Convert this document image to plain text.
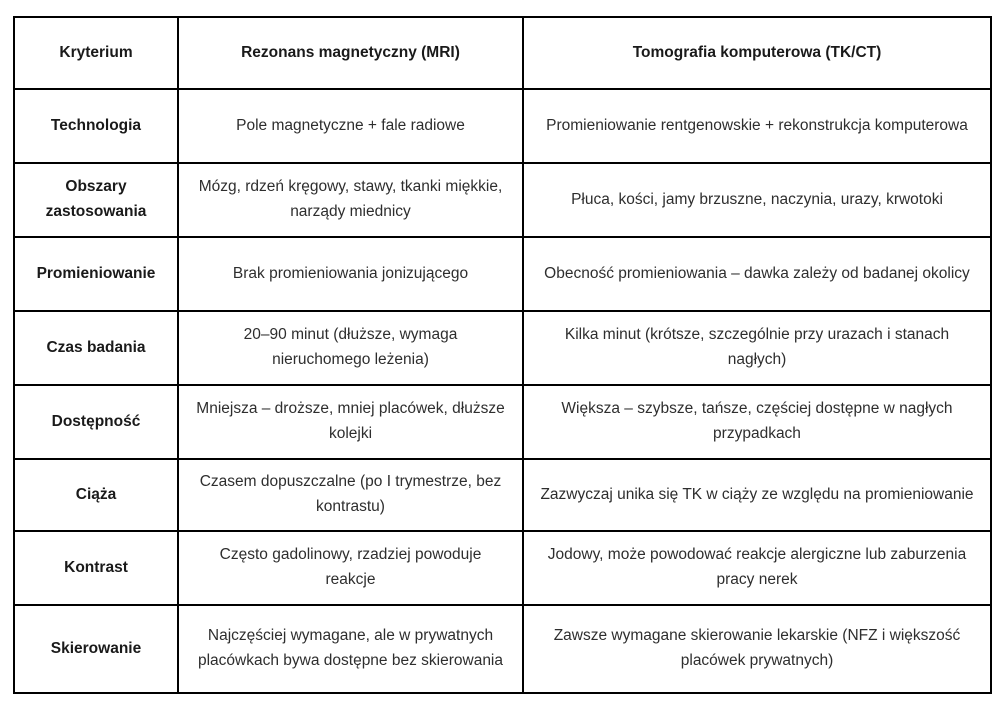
Kryterium	Rezonans magnetyczny (MRI)	Tomografia komputerowa (TK/CT)
Technologia	Pole magnetyczne + fale radiowe	Promieniowanie rentgenowskie + rekonstrukcja komputerowa
Obszary zastosowania	Mózg, rdzeń kręgowy, stawy, tkanki miękkie, narządy miednicy	Płuca, kości, jamy brzuszne, naczynia, urazy, krwotoki
Promieniowanie	Brak promieniowania jonizującego	Obecność promieniowania – dawka zależy od badanej okolicy
Czas badania	20–90 minut (dłuższe, wymaga nieruchomego leżenia)	Kilka minut (krótsze, szczególnie przy urazach i stanach nagłych)
Dostępność	Mniejsza – droższe, mniej placówek, dłuższe kolejki	Większa – szybsze, tańsze, częściej dostępne w nagłych przypadkach
Ciąża	Czasem dopuszczalne (po I trymestrze, bez kontrastu)	Zazwyczaj unika się TK w ciąży ze względu na promieniowanie
Kontrast	Często gadolinowy, rzadziej powoduje reakcje	Jodowy, może powodować reakcje alergiczne lub zaburzenia pracy nerek
Skierowanie	Najczęściej wymagane, ale w prywatnych placówkach bywa dostępne bez skierowania	Zawsze wymagane skierowanie lekarskie (NFZ i większość placówek prywatnych)
